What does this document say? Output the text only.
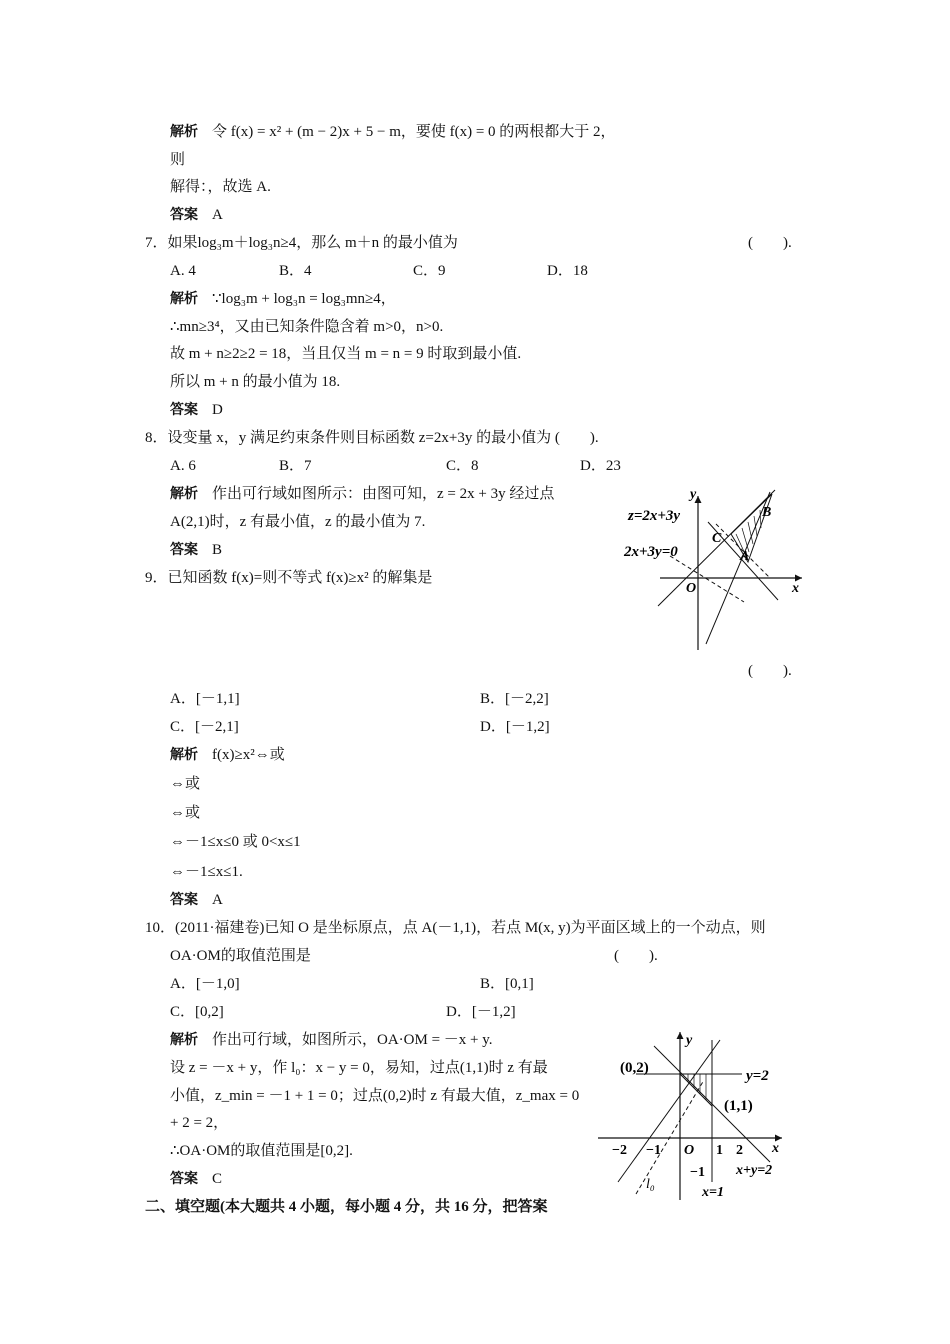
解析 令 f(x) = x² + (m − 2)x + 5 − m，要使 f(x) = 0 的两根都大于 2，
则
解得：，故选 A.
答案 A
7．如果log₃m＋log₃n≥4，那么 m＋n 的最小值为	(　　).
A. 4	B．4	C．9	D．18
解析 ∵log₃m + log₃n = log₃mn≥4，
∴mn≥3⁴，又由已知条件隐含着 m>0，n>0.
故 m + n≥2≥2 = 18，当且仅当 m = n = 9 时取到最小值.
所以 m + n 的最小值为 18.
答案 D
8．设变量 x，y 满足约束条件则目标函数 z=2x+3y 的最小值为 (　　).
A. 6	B．7	C．8	D．23
解析 作出可行域如图所示：由图可知，z = 2x + 3y 经过点
A(2,1)时，z 有最小值，z 的最小值为 7.
答案 B
9．已知函数 f(x)=则不等式 f(x)≥x² 的解集是
(　　).
A．[－1,1]	B．[－2,2]
C．[－2,1]	D．[－1,2]
解析 f(x)≥x²⇔或
⇔或
⇔或
⇔－1≤x≤0 或 0<x≤1
⇔－1≤x≤1.
答案 A
10．(2011·福建卷)已知 O 是坐标原点，点 A(－1,1)，若点 M(x, y)为平面区域上的一个动点，则
OA·OM的取值范围是	(　　).
A．[－1,0]	B．[0,1]
C．[0,2]	D．[－1,2]
解析 作出可行域，如图所示，OA·OM = －x + y.
设 z = －x + y，作 l₀：x − y = 0，易知，过点(1,1)时 z 有最
小值，z_min = －1 + 1 = 0；过点(0,2)时 z 有最大值，z_max = 0
+ 2 = 2，
∴OA·OM的取值范围是[0,2].
答案 C
二、填空题(本大题共 4 小题，每小题 4 分，共 16 分，把答案
y
x
z=2x+3y
2x+3y=0
O
A
B
C
y
x
(0,2)
(1,1)
y=2
x+y=2
x=1
l₀
O
−2 −1	1 2
−1
